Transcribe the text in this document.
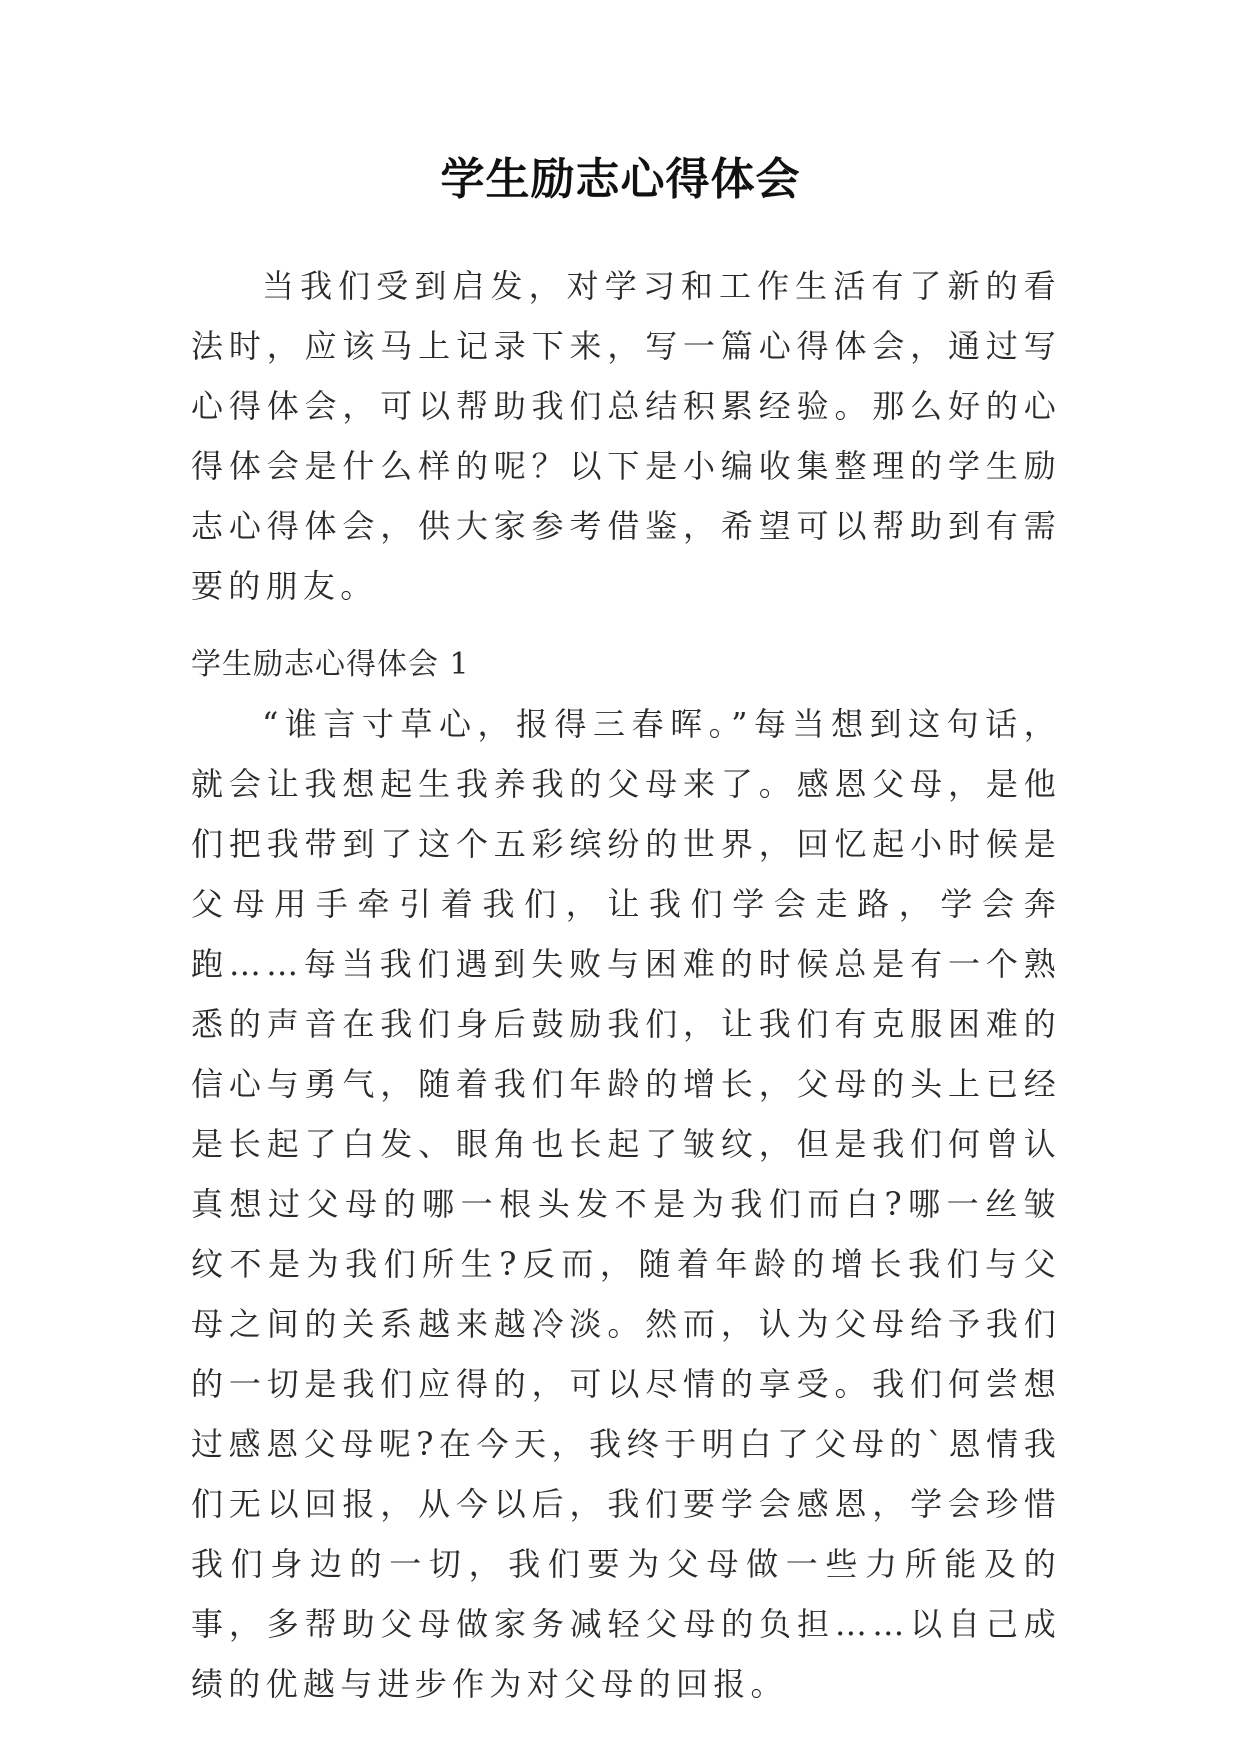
学生励志心得体会

当我们受到启发，对学习和工作生活有了新的看法时，应该马上记录下来，写一篇心得体会，通过写心得体会，可以帮助我们总结积累经验。那么好的心得体会是什么样的呢？以下是小编收集整理的学生励志心得体会，供大家参考借鉴，希望可以帮助到有需要的朋友。

学生励志心得体会 1

“谁言寸草心，报得三春晖。”每当想到这句话，就会让我想起生我养我的父母来了。感恩父母，是他们把我带到了这个五彩缤纷的世界，回忆起小时候是父母用手牵引着我们，让我们学会走路，学会奔跑……每当我们遇到失败与困难的时候总是有一个熟悉的声音在我们身后鼓励我们，让我们有克服困难的信心与勇气，随着我们年龄的增长，父母的头上已经是长起了白发、眼角也长起了皱纹，但是我们何曾认真想过父母的哪一根头发不是为我们而白?哪一丝皱纹不是为我们所生?反而，随着年龄的增长我们与父母之间的关系越来越冷淡。然而，认为父母给予我们的一切是我们应得的，可以尽情的享受。我们何尝想过感恩父母呢?在今天，我终于明白了父母的`恩情我们无以回报，从今以后，我们要学会感恩，学会珍惜我们身边的一切，我们要为父母做一些力所能及的事，多帮助父母做家务减轻父母的负担……以自己成绩的优越与进步作为对父母的回报。
